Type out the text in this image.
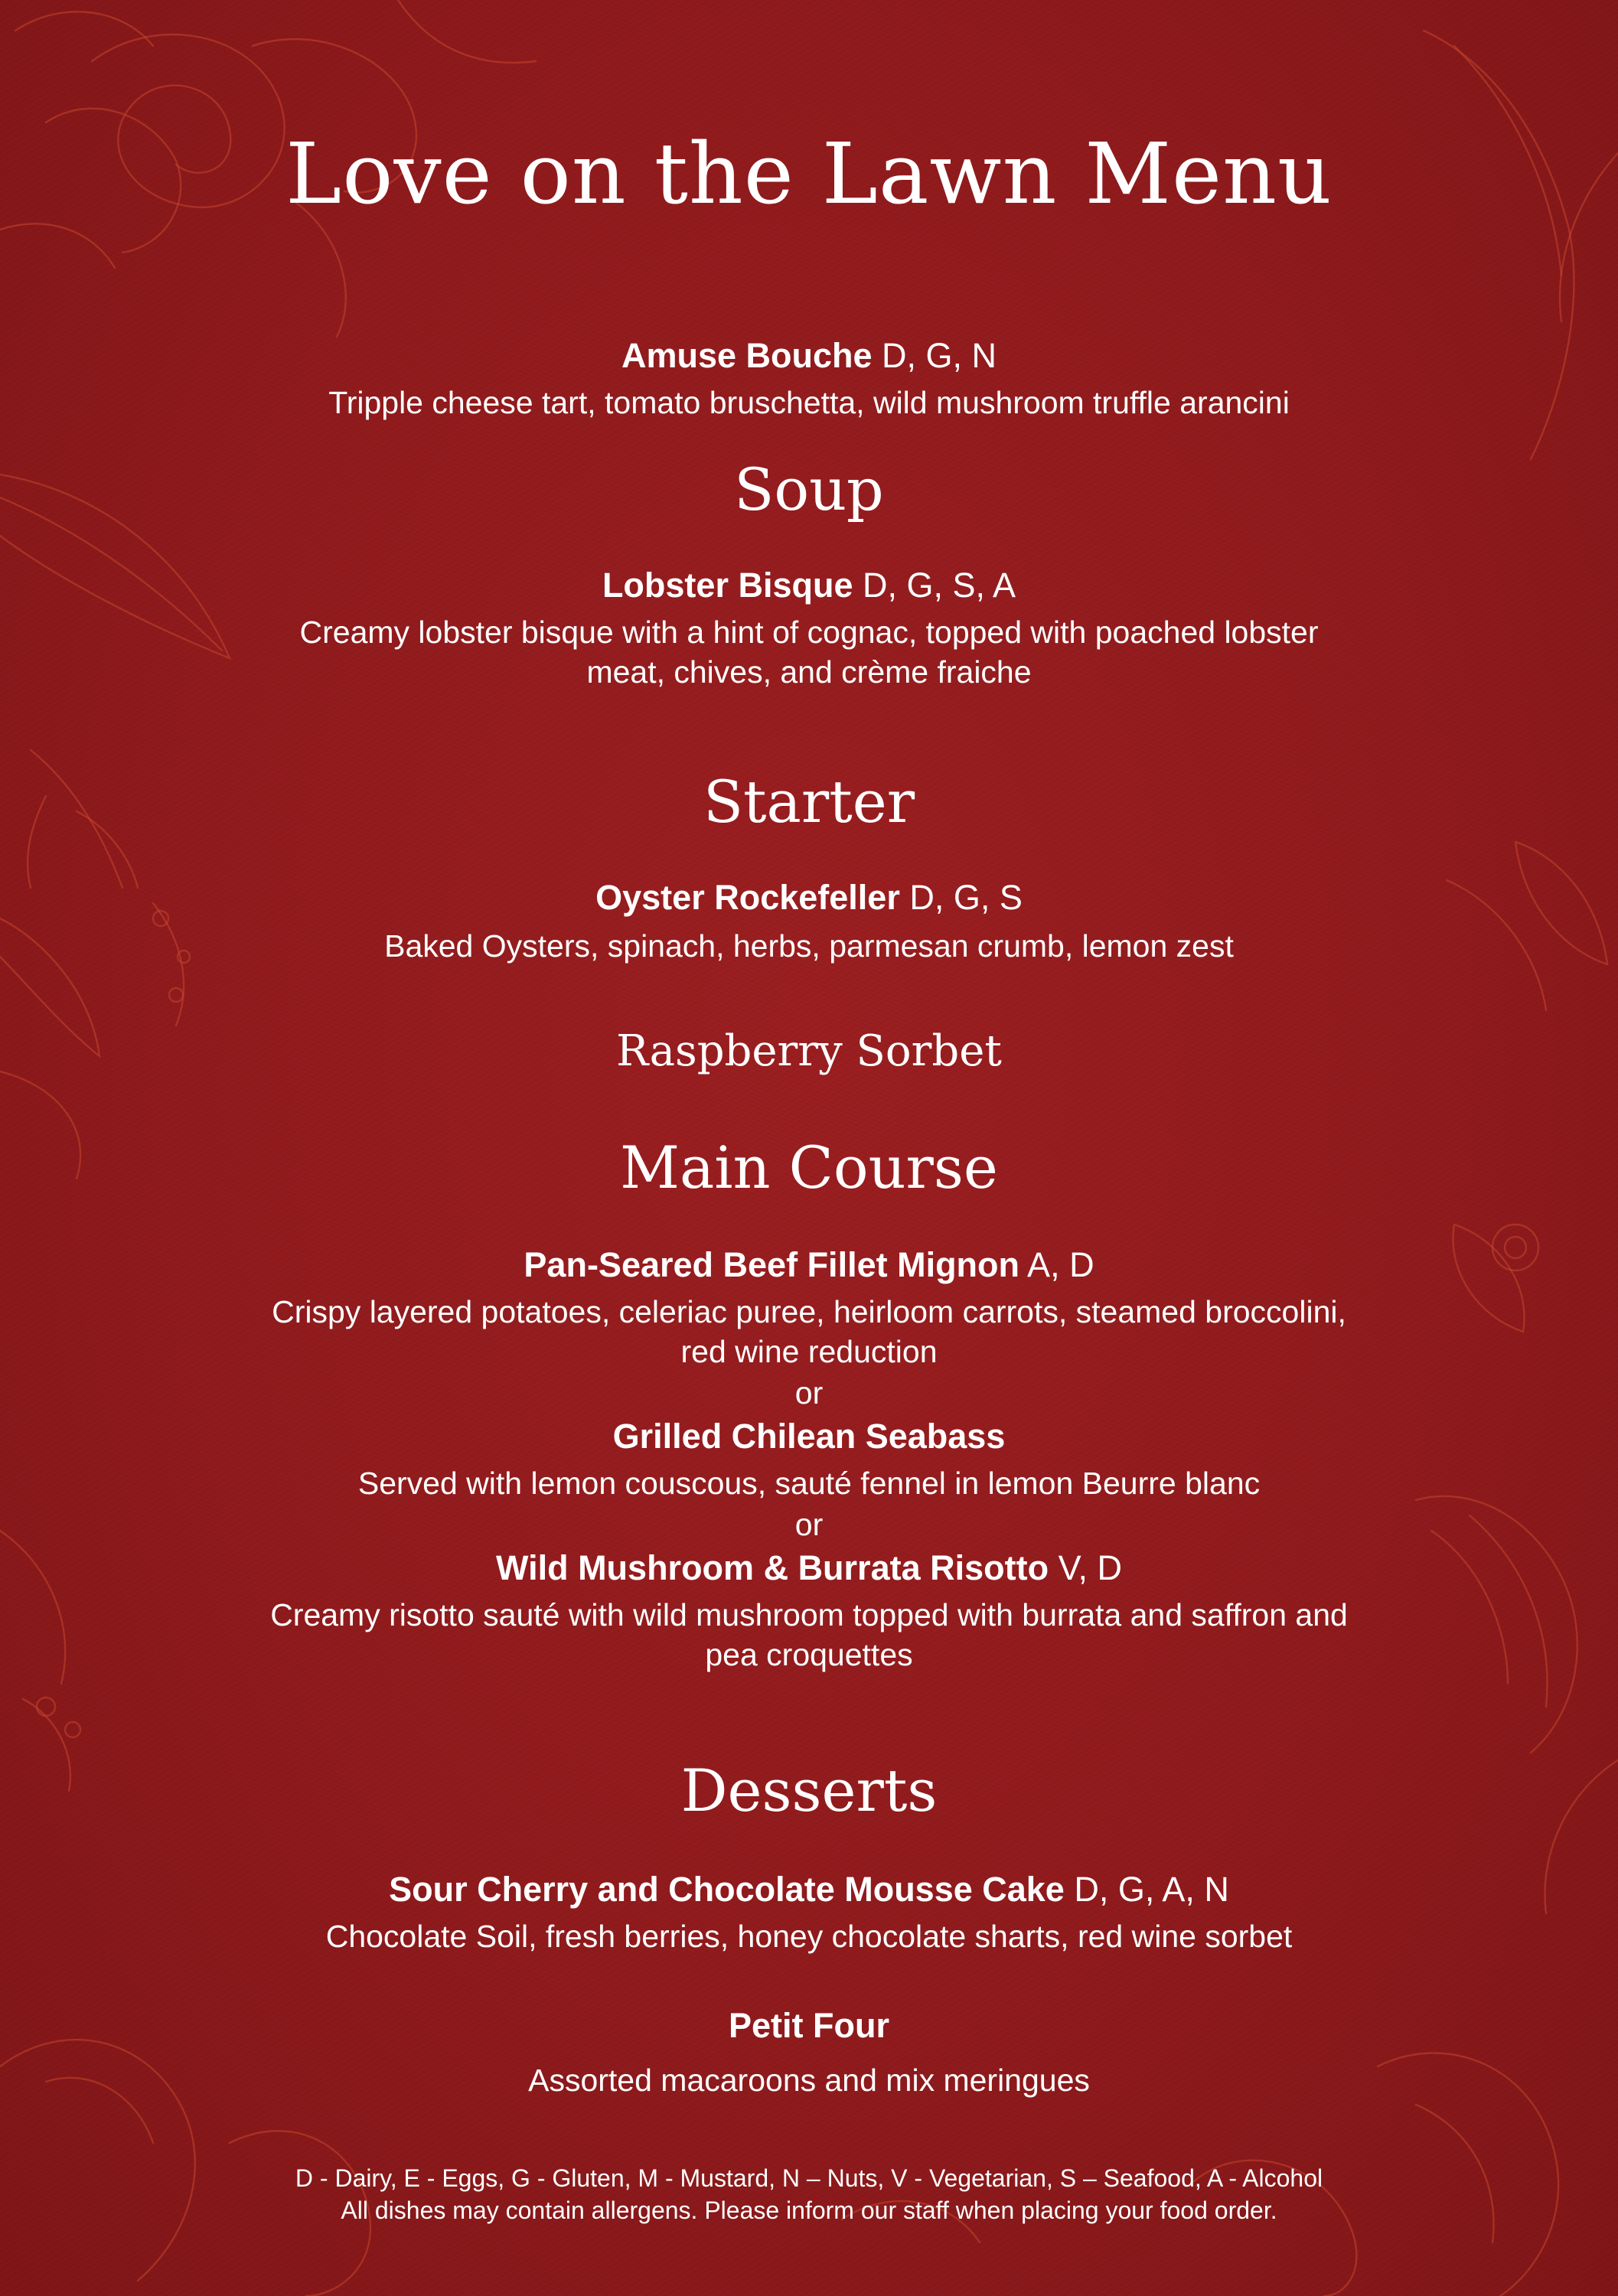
Love on the Lawn Menu
Amuse Bouche D, G, N
Tripple cheese tart, tomato bruschetta, wild mushroom truffle arancini
Soup
Lobster Bisque D, G, S, A
Creamy lobster bisque with a hint of cognac, topped with poached lobster
meat, chives, and crème fraiche
Starter
Oyster Rockefeller D, G, S
Baked Oysters, spinach, herbs, parmesan crumb, lemon zest
Raspberry Sorbet
Main Course
Pan-Seared Beef Fillet Mignon A, D
Crispy layered potatoes, celeriac puree, heirloom carrots, steamed broccolini,
red wine reduction
or
Grilled Chilean Seabass
Served with lemon couscous, sauté fennel in lemon Beurre blanc
or
Wild Mushroom & Burrata Risotto V, D
Creamy risotto sauté with wild mushroom topped with burrata and saffron and
pea croquettes
Desserts
Sour Cherry and Chocolate Mousse Cake D, G, A, N
Chocolate Soil, fresh berries, honey chocolate sharts, red wine sorbet
Petit Four
Assorted macaroons and mix meringues
D - Dairy, E - Eggs, G - Gluten, M - Mustard, N – Nuts, V - Vegetarian, S – Seafood, A - Alcohol
All dishes may contain allergens. Please inform our staff when placing your food order.
